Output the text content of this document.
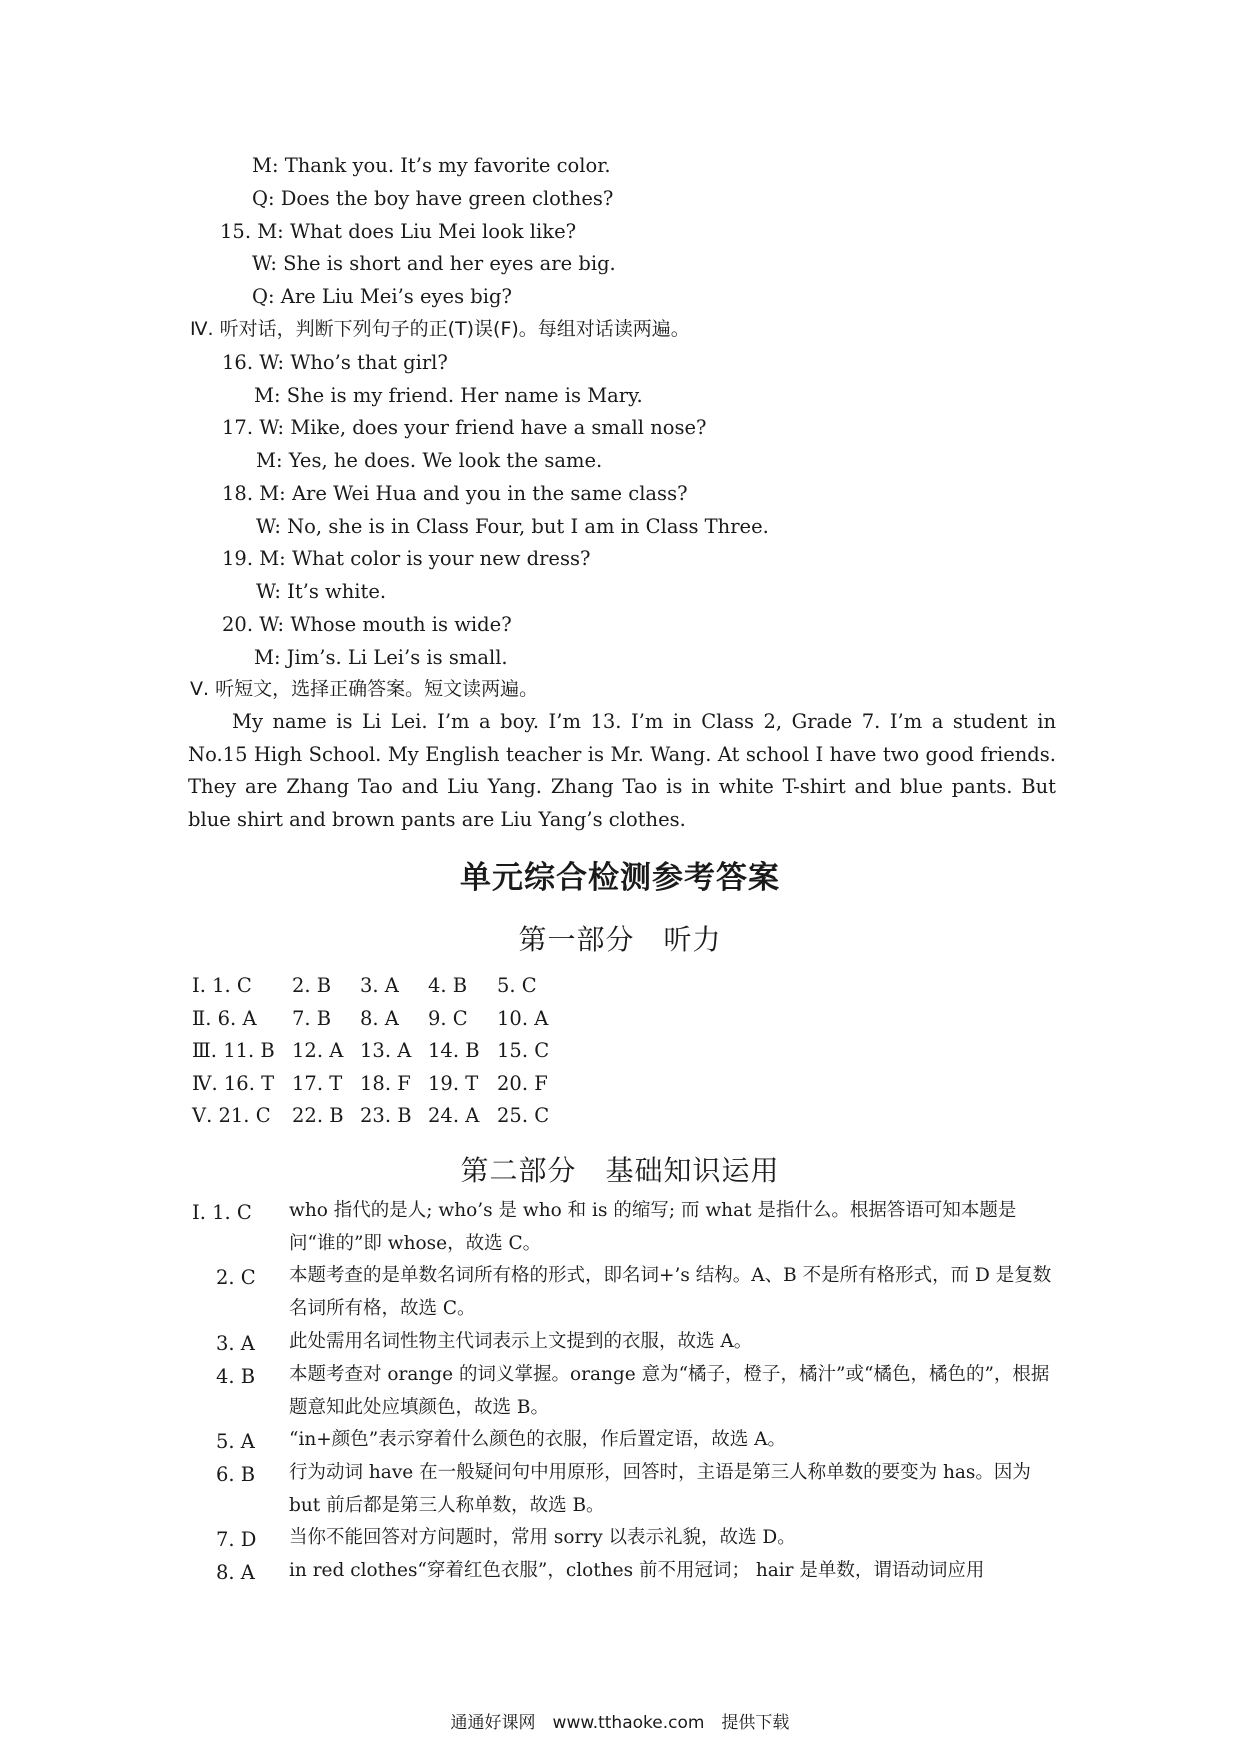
M: Thank you. It’s my favorite color.
Q: Does the boy have green clothes?
15. M: What does Liu Mei look like?
W: She is short and her eyes are big.
Q: Are Liu Mei’s eyes big?
Ⅳ. 听对话，判断下列句子的正(T)误(F)。每组对话读两遍。
16. W: Who’s that girl?
M: She is my friend. Her name is Mary.
17. W: Mike, does your friend have a small nose?
M: Yes, he does. We look the same.
18. M: Are Wei Hua and you in the same class?
W: No, she is in Class Four, but I am in Class Three.
19. M: What color is your new dress?
W: It’s white.
20. W: Whose mouth is wide?
M: Jim’s. Li Lei’s is small.
Ⅴ. 听短文，选择正确答案。短文读两遍。
My name is Li Lei. I’m a boy. I’m 13. I’m in Class 2, Grade 7. I’m a student in No.15 High School. My English teacher is Mr. Wang. At school I have two good friends. They are Zhang Tao and Liu Yang. Zhang Tao is in white T-shirt and blue pants. But blue shirt and brown pants are Liu Yang’s clothes.
单元综合检测参考答案
第一部分　听力
Ⅰ. 1. C 2. B 3. A 4. B 5. C
Ⅱ. 6. A 7. B 8. A 9. C 10. A
Ⅲ. 11. B 12. A 13. A 14. B 15. C
Ⅳ. 16. T 17. T 18. F 19. T 20. F
Ⅴ. 21. C 22. B 23. B 24. A 25. C
第二部分　基础知识运用
Ⅰ. 1. C who 指代的是人; who’s 是 who 和 is 的缩写; 而 what 是指什么。根据答语可知本题是问“谁的”即 whose，故选 C。
2. C 本题考查的是单数名词所有格的形式，即名词+’s 结构。A、B 不是所有格形式，而 D 是复数名词所有格，故选 C。
3. A 此处需用名词性物主代词表示上文提到的衣服，故选 A。
4. B 本题考查对 orange 的词义掌握。orange 意为“橘子，橙子，橘汁”或“橘色，橘色的”，根据题意知此处应填颜色，故选 B。
5. A “in+颜色”表示穿着什么颜色的衣服，作后置定语，故选 A。
6. B 行为动词 have 在一般疑问句中用原形，回答时，主语是第三人称单数的要变为 has。因为 but 前后都是第三人称单数，故选 B。
7. D 当你不能回答对方问题时，常用 sorry 以表示礼貌，故选 D。
8. A in red clothes“穿着红色衣服”，clothes 前不用冠词； hair 是单数，谓语动词应用
通通好课网　www.tthaoke.com　提供下载
